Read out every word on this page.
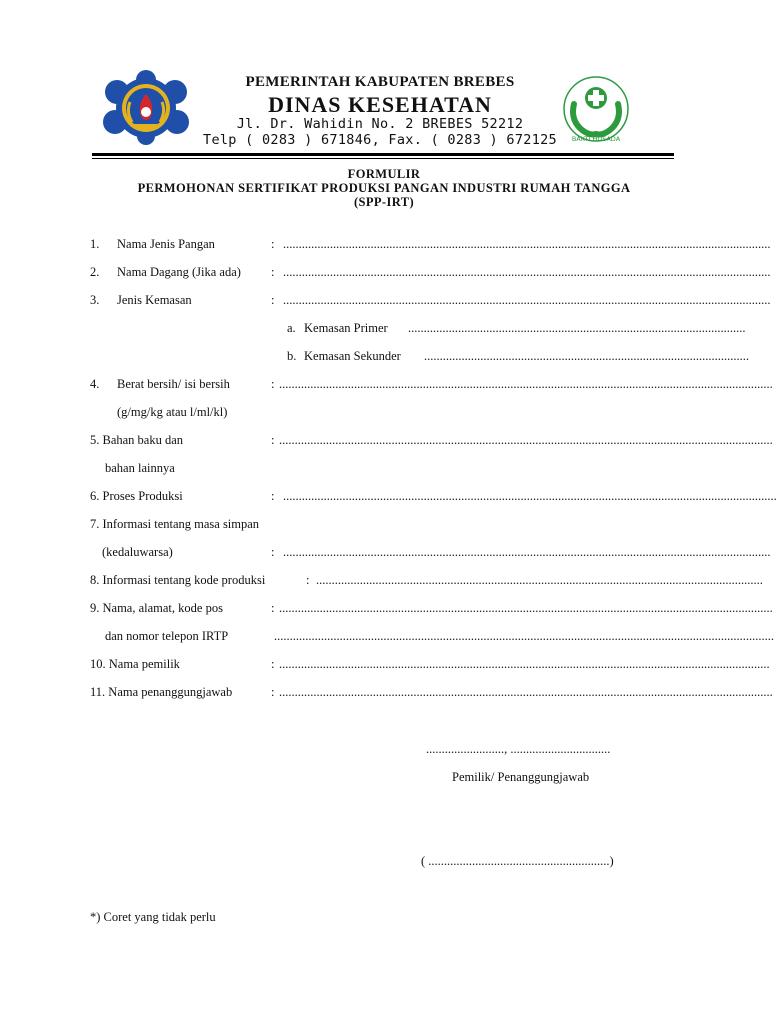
BAKTI HUSADA
PEMERINTAH KABUPATEN BREBES
DINAS KESEHATAN
Jl. Dr. Wahidin No. 2 BREBES 52212
Telp ( 0283 ) 671846, Fax. ( 0283 ) 672125
FORMULIR
PERMOHONAN SERTIFIKAT PRODUKSI PANGAN INDUSTRI RUMAH TANGGA
(SPP-IRT)
1. Nama Jenis Pangan	: ............................................................................................................................................................
2. Nama Dagang (Jika ada) : ............................................................................................................................................................
3. Jenis Kemasan	: ............................................................................................................................................................
a. Kemasan Primer ............................................................................................................
b. Kemasan Sekunder ........................................................................................................
4. Berat bersih/ isi bersih	: ..............................................................................................................................................................
(g/mg/kg atau l/ml/kl)
5. Bahan baku dan	: ..............................................................................................................................................................
bahan lainnya
6. Proses Produksi	: ..............................................................................................................................................................
7. Informasi tentang masa simpan
(kedaluwarsa)	: ............................................................................................................................................................
8. Informasi tentang kode produksi	: ...............................................................................................................................................
9. Nama, alamat, kode pos	: ..............................................................................................................................................................
dan nomor telepon IRTP	................................................................................................................................................................
10. Nama pemilik	: .............................................................................................................................................................
11. Nama penanggungjawab	: ..............................................................................................................................................................
........................., ................................
Pemilik/ Penanggungjawab
( ..........................................................)
*) Coret yang tidak perlu
